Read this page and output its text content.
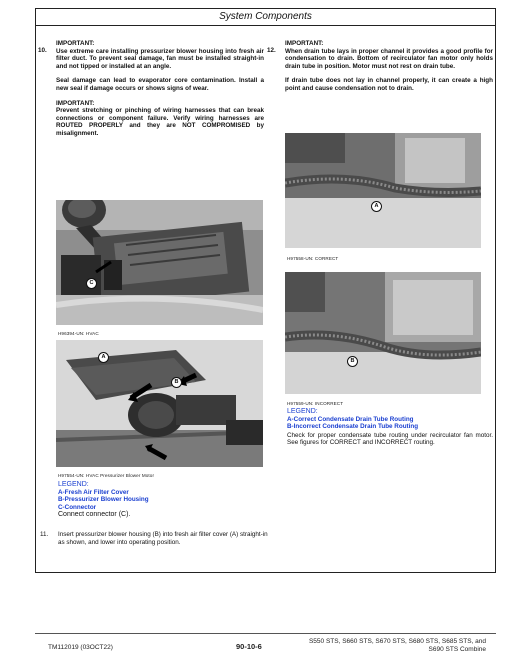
System Components
10.

IMPORTANT:

Use extreme care installing pressurizer blower housing into fresh air filter duct. To prevent seal damage, fan must be installed straight-in and not tipped or installed at an angle.

Seal damage can lead to evaporator core contamination. Install a new seal if damage occurs or shows signs of wear.

IMPORTANT:

Prevent stretching or pinching of wiring harnesses that can break connections or component failure. Verify wiring harnesses are ROUTED PROPERLY and they are NOT COMPROMISED by misalignment.

C
H96394-UN: HVAC
A
B
H97554-UN: HVAC Pressurizer Blower Motor

LEGEND:

A-Fresh Air Filter Cover

B-Pressurizer Blower Housing

C-Connector

Connect connector (C).

11. Insert pressurizer blower housing (B) into fresh air filter cover (A) straight-in as shown, and lower into operating position.

12.

IMPORTANT:

When drain tube lays in proper channel it provides a good profile for condensation to drain. Bottom of recirculator fan motor only holds drain tube in position. Motor must not rest on drain tube.

If drain tube does not lay in channel properly, it can create a high point and cause condensation not to drain.

A
H97558-UN: CORRECT
B
H97559-UN: INCORRECT

LEGEND:

A-Correct Condensate Drain Tube Routing

B-Incorrect Condensate Drain Tube Routing

Check for proper condensate tube routing under recirculator fan motor. See figures for CORRECT and INCORRECT routing.

TM112019 (03OCT22)	90-10-6
S550 STS, S660 STS, S670 STS, S680 STS, S685 STS, and
S690 STS Combine
